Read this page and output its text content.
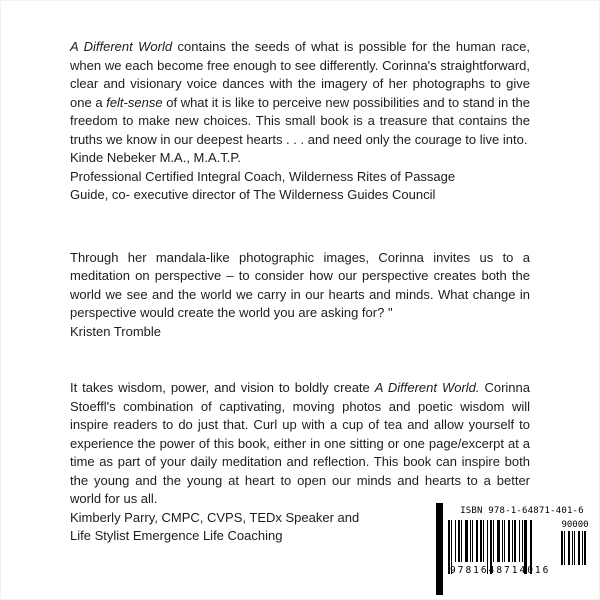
A Different World contains the seeds of what is possible for the human race, when we each become free enough to see differently. Corinna's straightforward, clear and visionary voice dances with the imagery of her photographs to give one a felt-sense of what it is like to perceive new possibilities and to stand in the freedom to make new choices. This small book is a treasure that contains the truths we know in our deepest hearts . . . and need only the courage to live into.

Kinde Nebeker M.A., M.A.T.P.
Professional Certified Integral Coach, Wilderness Rites of Passage
Guide, co- executive director of The Wilderness Guides Council

Through her mandala-like photographic images, Corinna invites us to a meditation on perspective – to consider how our perspective creates both the world we see and the world we carry in our hearts and minds. What change in perspective would create the world you are asking for? "

Kristen Tromble

It takes wisdom, power, and vision to boldly create A Different World. Corinna Stoeffl's combination of captivating, moving photos and poetic wisdom will inspire readers to do just that. Curl up with a cup of tea and allow yourself to experience the power of this book, either in one sitting or one page/excerpt at a time as part of your daily meditation and reflection. This book can inspire both the young and the young at heart to open our minds and hearts to a better world for us all.

Kimberly Parry, CMPC, CVPS, TEDx Speaker and
Life Stylist Emergence Life Coaching
ISBN 978-1-64871-401-6
9781648714016
90000
